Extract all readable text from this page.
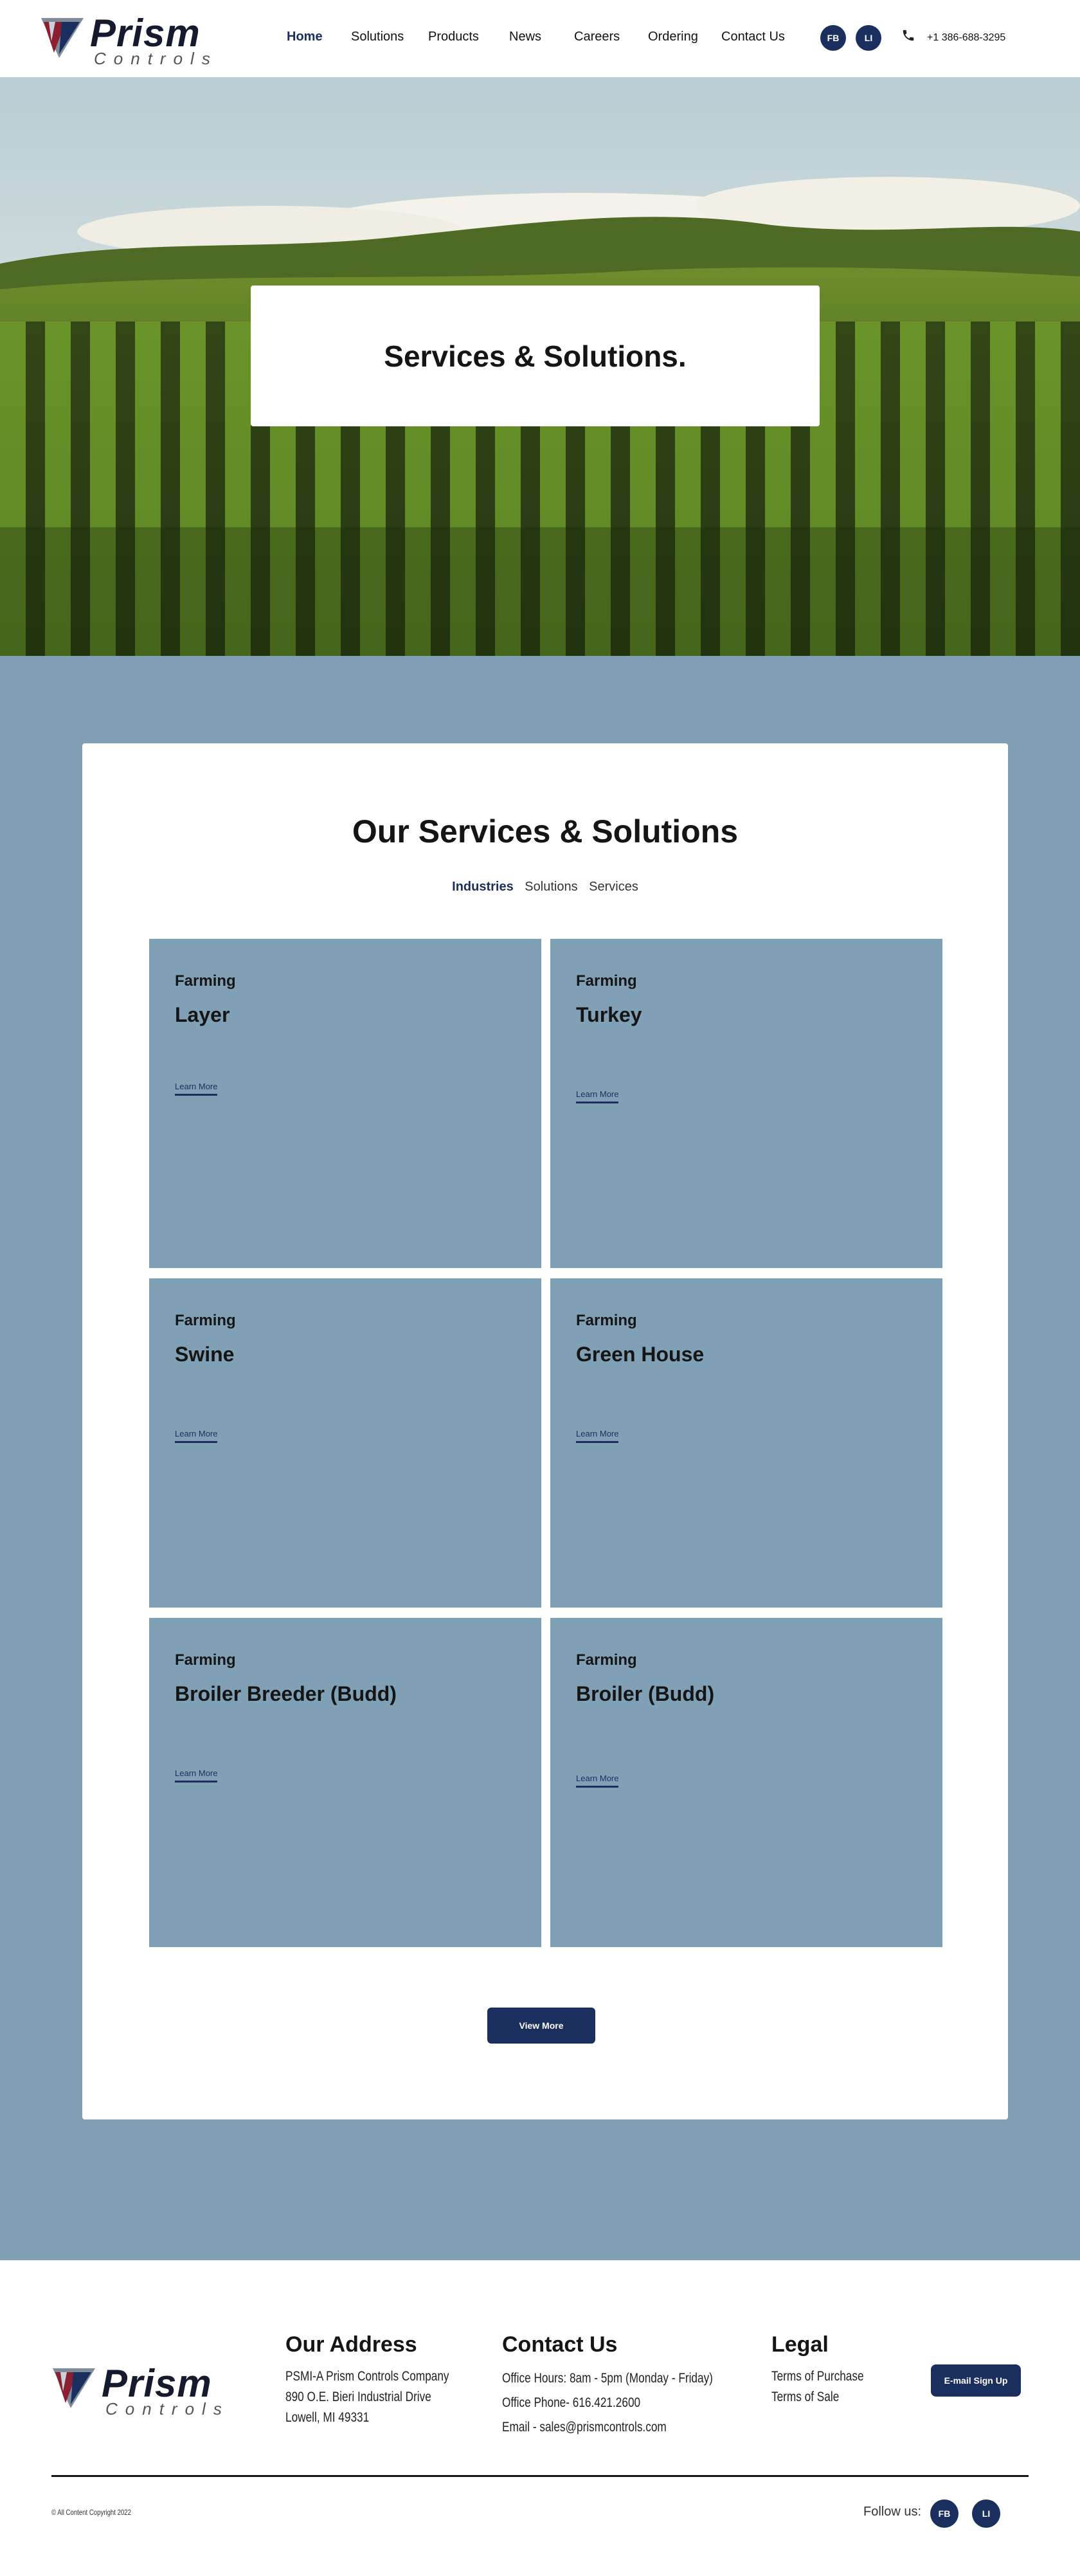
Prism
Controls
Home Solutions Products News	Careers Ordering Contact Us	FB	LI	+1 386-688-3295
Services & Solutions.
Our Services & Solutions
Industries Solutions Services
Farming
Layer
Learn More
Farming
Turkey
Learn More
Farming
Swine
Learn More
Farming
Green House
Learn More
Farming
Broiler Breeder (Budd)
Learn More
Farming
Broiler (Budd)
Learn More
View More
Prism
Controls
Our Address
PSMI-A Prism Controls Company
890 O.E. Bieri Industrial Drive
Lowell, MI 49331
Contact Us
Office Hours: 8am - 5pm (Monday - Friday)
Office Phone- 616.421.2600
Email - sales@prismcontrols.com
Legal
Terms of Purchase
Terms of Sale
E-mail Sign Up
© All Content Copyright 2022	Follow us:	FB	LI
